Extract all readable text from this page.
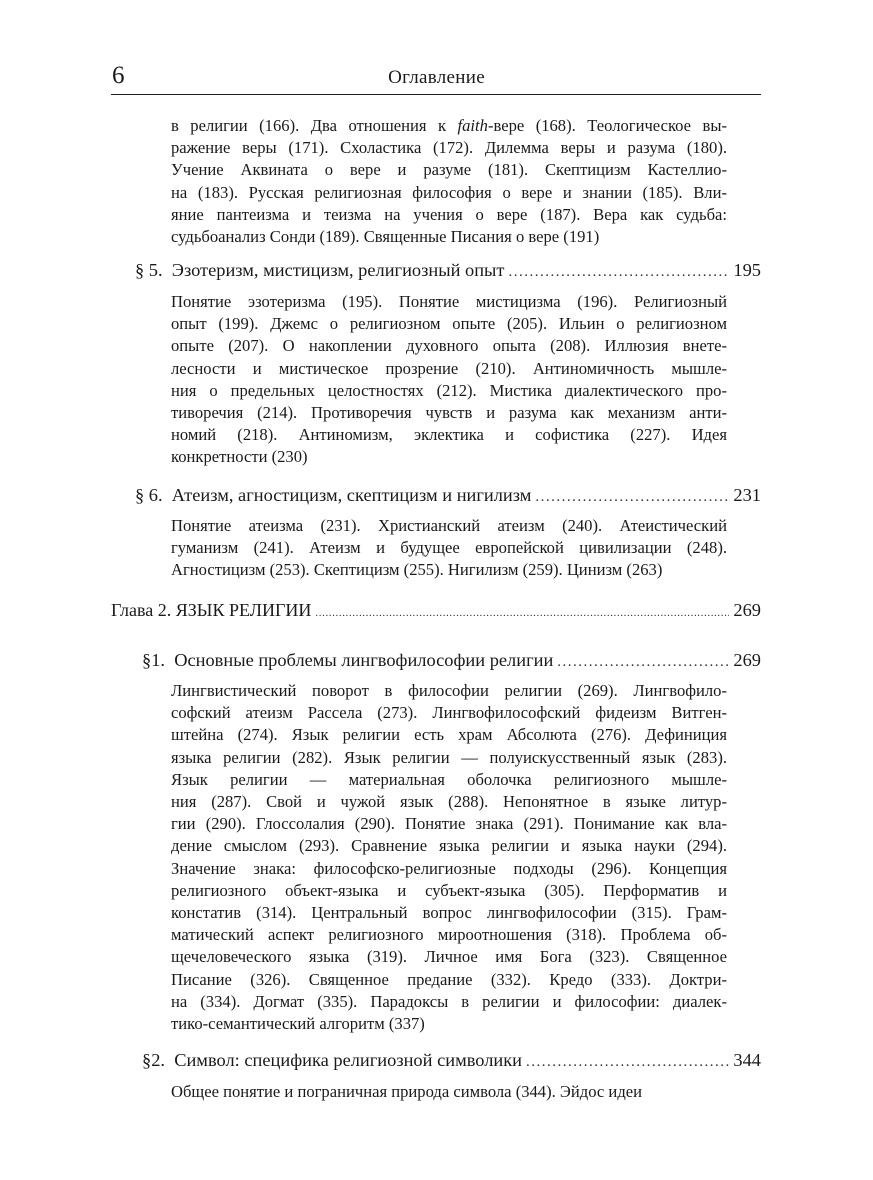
6	Оглавление
в религии (166). Два отношения к faith-вере (168). Теологическое вы-
ражение веры (171). Схоластика (172). Дилемма веры и разума (180).
Учение Аквината о вере и разуме (181). Скептицизм Кастеллио-
на (183). Русская религиозная философия о вере и знании (185). Вли-
яние пантеизма и теизма на учения о вере (187). Вера как судьба:
судьбоанализ Сонди (189). Священные Писания о вере (191)
§ 5. Эзотеризм, мистицизм, религиозный опыт .....	195
Понятие эзотеризма (195). Понятие мистицизма (196). Религиозный
опыт (199). Джемс о религиозном опыте (205). Ильин о религиозном
опыте (207). О накоплении духовного опыта (208). Иллюзия внете-
лесности и мистическое прозрение (210). Антиномичность мышле-
ния о предельных целостностях (212). Мистика диалектического про-
тиворечия (214). Противоречия чувств и разума как механизм анти-
номий (218). Антиномизм, эклектика и софистика (227). Идея
конкретности (230)
§ 6. Атеизм, агностицизм, скептицизм и нигилизм .....	231
Понятие атеизма (231). Христианский атеизм (240). Атеистический
гуманизм (241). Атеизм и будущее европейской цивилизации (248).
Агностицизм (253). Скептицизм (255). Нигилизм (259). Цинизм (263)
Глава 2. ЯЗЫК РЕЛИГИИ .....	269
§1. Основные проблемы лингвофилософии религии .....	269
Лингвистический поворот в философии религии (269). Лингвофило-
софский атеизм Рассела (273). Лингвофилософский фидеизм Витген-
штейна (274). Язык религии есть храм Абсолюта (276). Дефиниция
языка религии (282). Язык религии — полуискусственный язык (283).
Язык религии — материальная оболочка религиозного мышле-
ния (287). Свой и чужой язык (288). Непонятное в языке литур-
гии (290). Глоссолалия (290). Понятие знака (291). Понимание как вла-
дение смыслом (293). Сравнение языка религии и языка науки (294).
Значение знака: философско-религиозные подходы (296). Концепция
религиозного объект-языка и субъект-языка (305). Перформатив и
констатив (314). Центральный вопрос лингвофилософии (315). Грам-
матический аспект религиозного мироотношения (318). Проблема об-
щечеловеческого языка (319). Личное имя Бога (323). Священное
Писание (326). Священное предание (332). Кредо (333). Доктри-
на (334). Догмат (335). Парадоксы в религии и философии: диалек-
тико-семантический алгоритм (337)
§2. Символ: специфика религиозной символики .....	344
Общее понятие и пограничная природа символа (344). Эйдос идеи
